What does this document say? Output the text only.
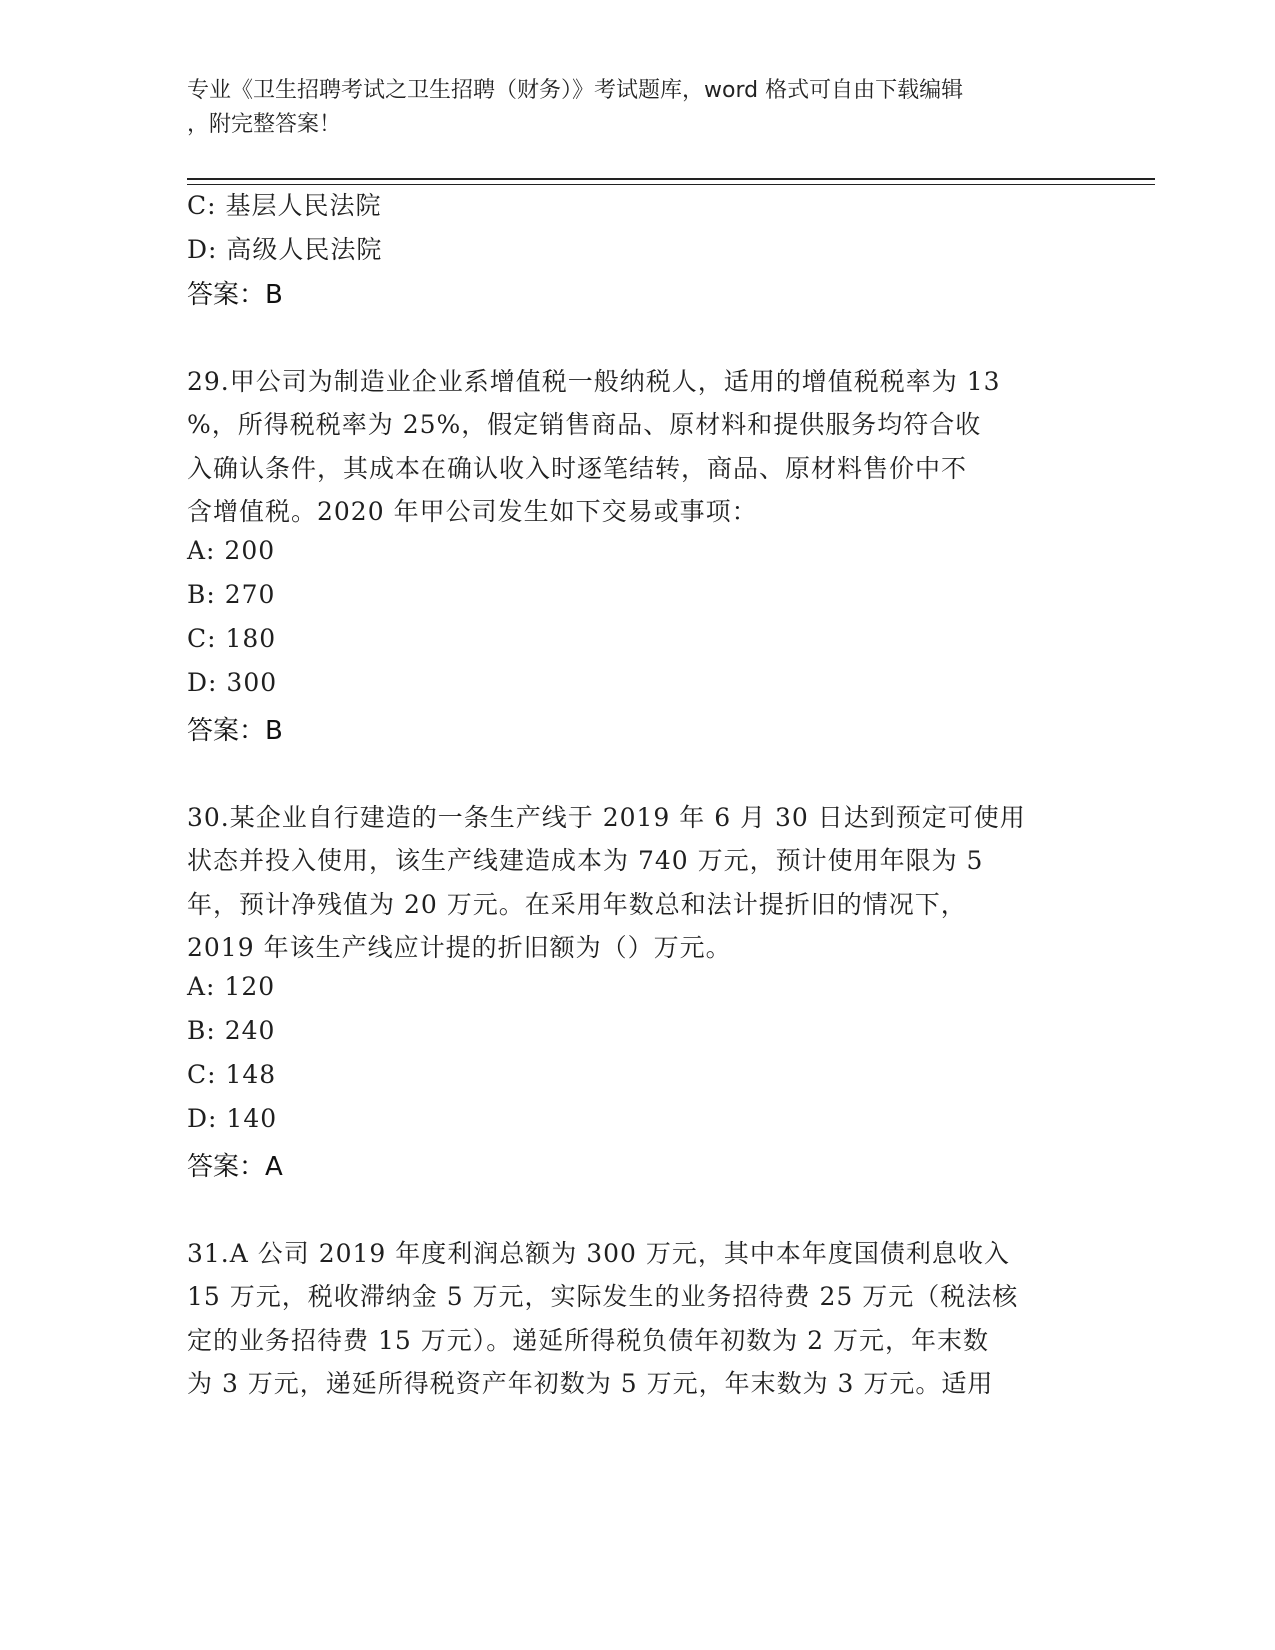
专业《卫生招聘考试之卫生招聘（财务）》考试题库，word 格式可自由下载编辑
，附完整答案！
C: 基层人民法院
D: 高级人民法院
答案：B
29.甲公司为制造业企业系增值税一般纳税人，适用的增值税税率为 13
%，所得税税率为 25%，假定销售商品、原材料和提供服务均符合收
入确认条件，其成本在确认收入时逐笔结转，商品、原材料售价中不
含增值税。2020 年甲公司发生如下交易或事项：
A: 200
B: 270
C: 180
D: 300
答案：B
30.某企业自行建造的一条生产线于 2019 年 6 月 30 日达到预定可使用
状态并投入使用，该生产线建造成本为 740 万元，预计使用年限为 5
年，预计净残值为 20 万元。在采用年数总和法计提折旧的情况下，
2019 年该生产线应计提的折旧额为（）万元。
A: 120
B: 240
C: 148
D: 140
答案：A
31.A 公司 2019 年度利润总额为 300 万元，其中本年度国债利息收入
15 万元，税收滞纳金 5 万元，实际发生的业务招待费 25 万元（税法核
定的业务招待费 15 万元）。递延所得税负债年初数为 2 万元，年末数
为 3 万元，递延所得税资产年初数为 5 万元，年末数为 3 万元。适用
